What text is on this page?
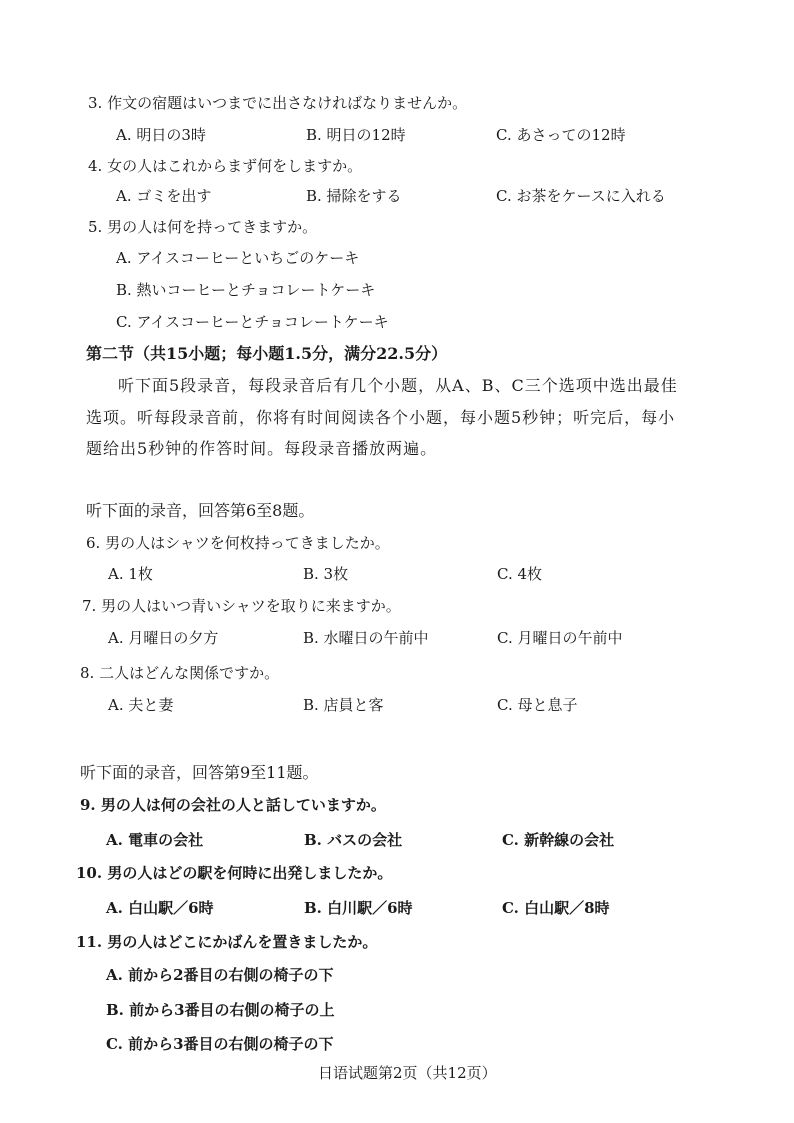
3. 作文の宿題はいつまでに出さなければなりませんか。
A. 明日の3時	B. 明日の12時	C. あさっての12時
4. 女の人はこれからまず何をしますか。
A. ゴミを出す	B. 掃除をする	C. お茶をケースに入れる
5. 男の人は何を持ってきますか。
A. アイスコーヒーといちごのケーキ
B. 熱いコーヒーとチョコレートケーキ
C. アイスコーヒーとチョコレートケーキ
第二节（共15小题；每小题1.5分，满分22.5分）
听下面5段录音，每段录音后有几个小题，从A、B、C三个选项中选出最佳
选项。听每段录音前，你将有时间阅读各个小题，每小题5秒钟；听完后，每小
题给出5秒钟的作答时间。每段录音播放两遍。
听下面的录音，回答第6至8题。
6. 男の人はシャツを何枚持ってきましたか。
A. 1枚	B. 3枚	C. 4枚
7. 男の人はいつ青いシャツを取りに来ますか。
A. 月曜日の夕方	B. 水曜日の午前中	C. 月曜日の午前中
8. 二人はどんな関係ですか。
A. 夫と妻	B. 店員と客	C. 母と息子
听下面的录音，回答第9至11题。
9. 男の人は何の会社の人と話していますか。
A. 電車の会社	B. バスの会社	C. 新幹線の会社
10. 男の人はどの駅を何時に出発しましたか。
A. 白山駅／6時	B. 白川駅／6時	C. 白山駅／8時
11. 男の人はどこにかばんを置きましたか。
A. 前から2番目の右側の椅子の下
B. 前から3番目の右側の椅子の上
C. 前から3番目の右側の椅子の下
日语试题第2页（共12页）
